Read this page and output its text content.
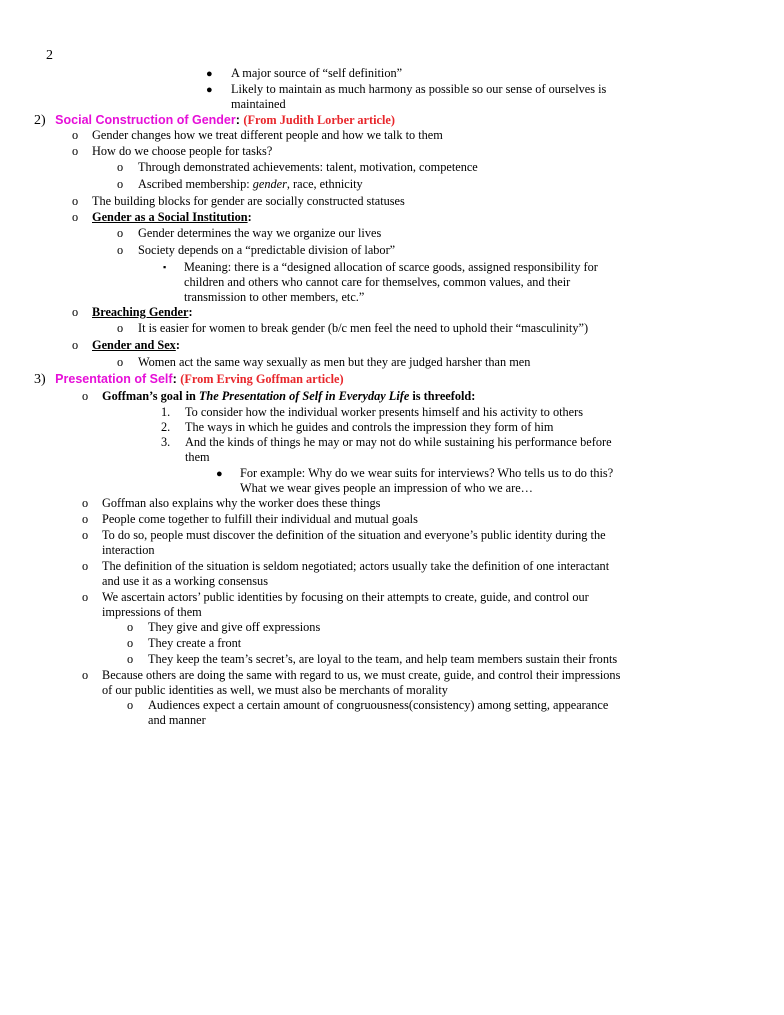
2
● A major source of “self definition”
● Likely to maintain as much harmony as possible so our sense of ourselves is
maintained
2) Social Construction of Gender: (From Judith Lorber article)
o Gender changes how we treat different people and how we talk to them
o How do we choose people for tasks?
o Through demonstrated achievements: talent, motivation, competence
o Ascribed membership: gender, race, ethnicity
o The building blocks for gender are socially constructed statuses
o Gender as a Social Institution:
o Gender determines the way we organize our lives
o Society depends on a “predictable division of labor”
▪ Meaning: there is a “designed allocation of scarce goods, assigned responsibility for
children and others who cannot care for themselves, common values, and their
transmission to other members, etc.”
o Breaching Gender:
o It is easier for women to break gender (b/c men feel the need to uphold their “masculinity”)
o Gender and Sex:
o Women act the same way sexually as men but they are judged harsher than men
3) Presentation of Self: (From Erving Goffman article)
o Goffman’s goal in The Presentation of Self in Everyday Life is threefold:
1. To consider how the individual worker presents himself and his activity to others
2. The ways in which he guides and controls the impression they form of him
3. And the kinds of things he may or may not do while sustaining his performance before
them
● For example: Why do we wear suits for interviews? Who tells us to do this?
What we wear gives people an impression of who we are…
o Goffman also explains why the worker does these things
o People come together to fulfill their individual and mutual goals
o To do so, people must discover the definition of the situation and everyone’s public identity during the
interaction
o The definition of the situation is seldom negotiated; actors usually take the definition of one interactant
and use it as a working consensus
o We ascertain actors’ public identities by focusing on their attempts to create, guide, and control our
impressions of them
o They give and give off expressions
o They create a front
o They keep the team’s secret’s, are loyal to the team, and help team members sustain their fronts
o Because others are doing the same with regard to us, we must create, guide, and control their impressions
of our public identities as well, we must also be merchants of morality
o Audiences expect a certain amount of congruousness(consistency) among setting, appearance
and manner
